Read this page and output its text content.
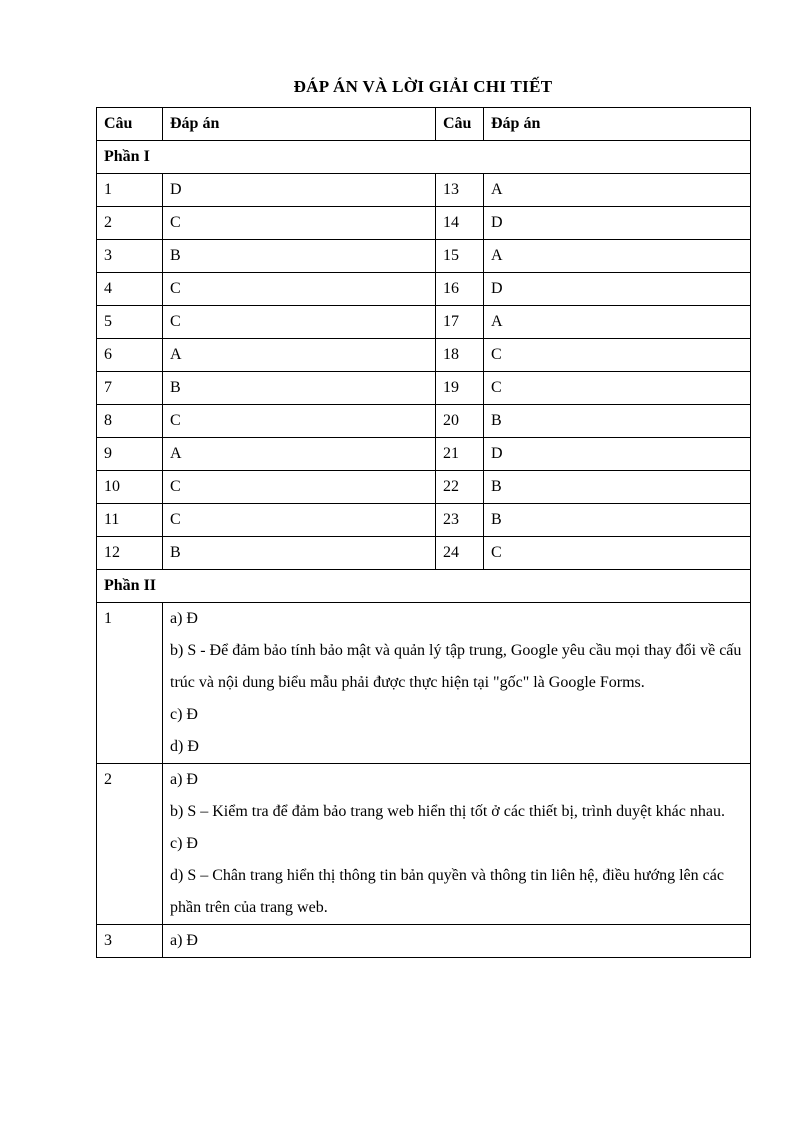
ĐÁP ÁN VÀ LỜI GIẢI CHI TIẾT
Câu	Đáp án	Câu	Đáp án
Phần I			
1	D	13	A
2	C	14	D
3	B	15	A
4	C	16	D
5	C	17	A
6	A	18	C
7	B	19	C
8	C	20	B
9	A	21	D
10	C	22	B
11	C	23	B
12	B	24	C
Phần II			
1	a) Đ

b) S - Để đảm bảo tính bảo mật và quản lý tập trung, Google yêu cầu mọi thay đổi về cấu trúc và nội dung biểu mẫu phải được thực hiện tại "gốc" là Google Forms.

c) Đ

d) Đ		

2	a) Đ

b) S – Kiểm tra để đảm bảo trang web hiển thị tốt ở các thiết bị, trình duyệt khác nhau.

c) Đ

d) S – Chân trang hiển thị thông tin bản quyền và thông tin liên hệ, điều hướng lên các phần trên của trang web.		

3	a) Đ		
